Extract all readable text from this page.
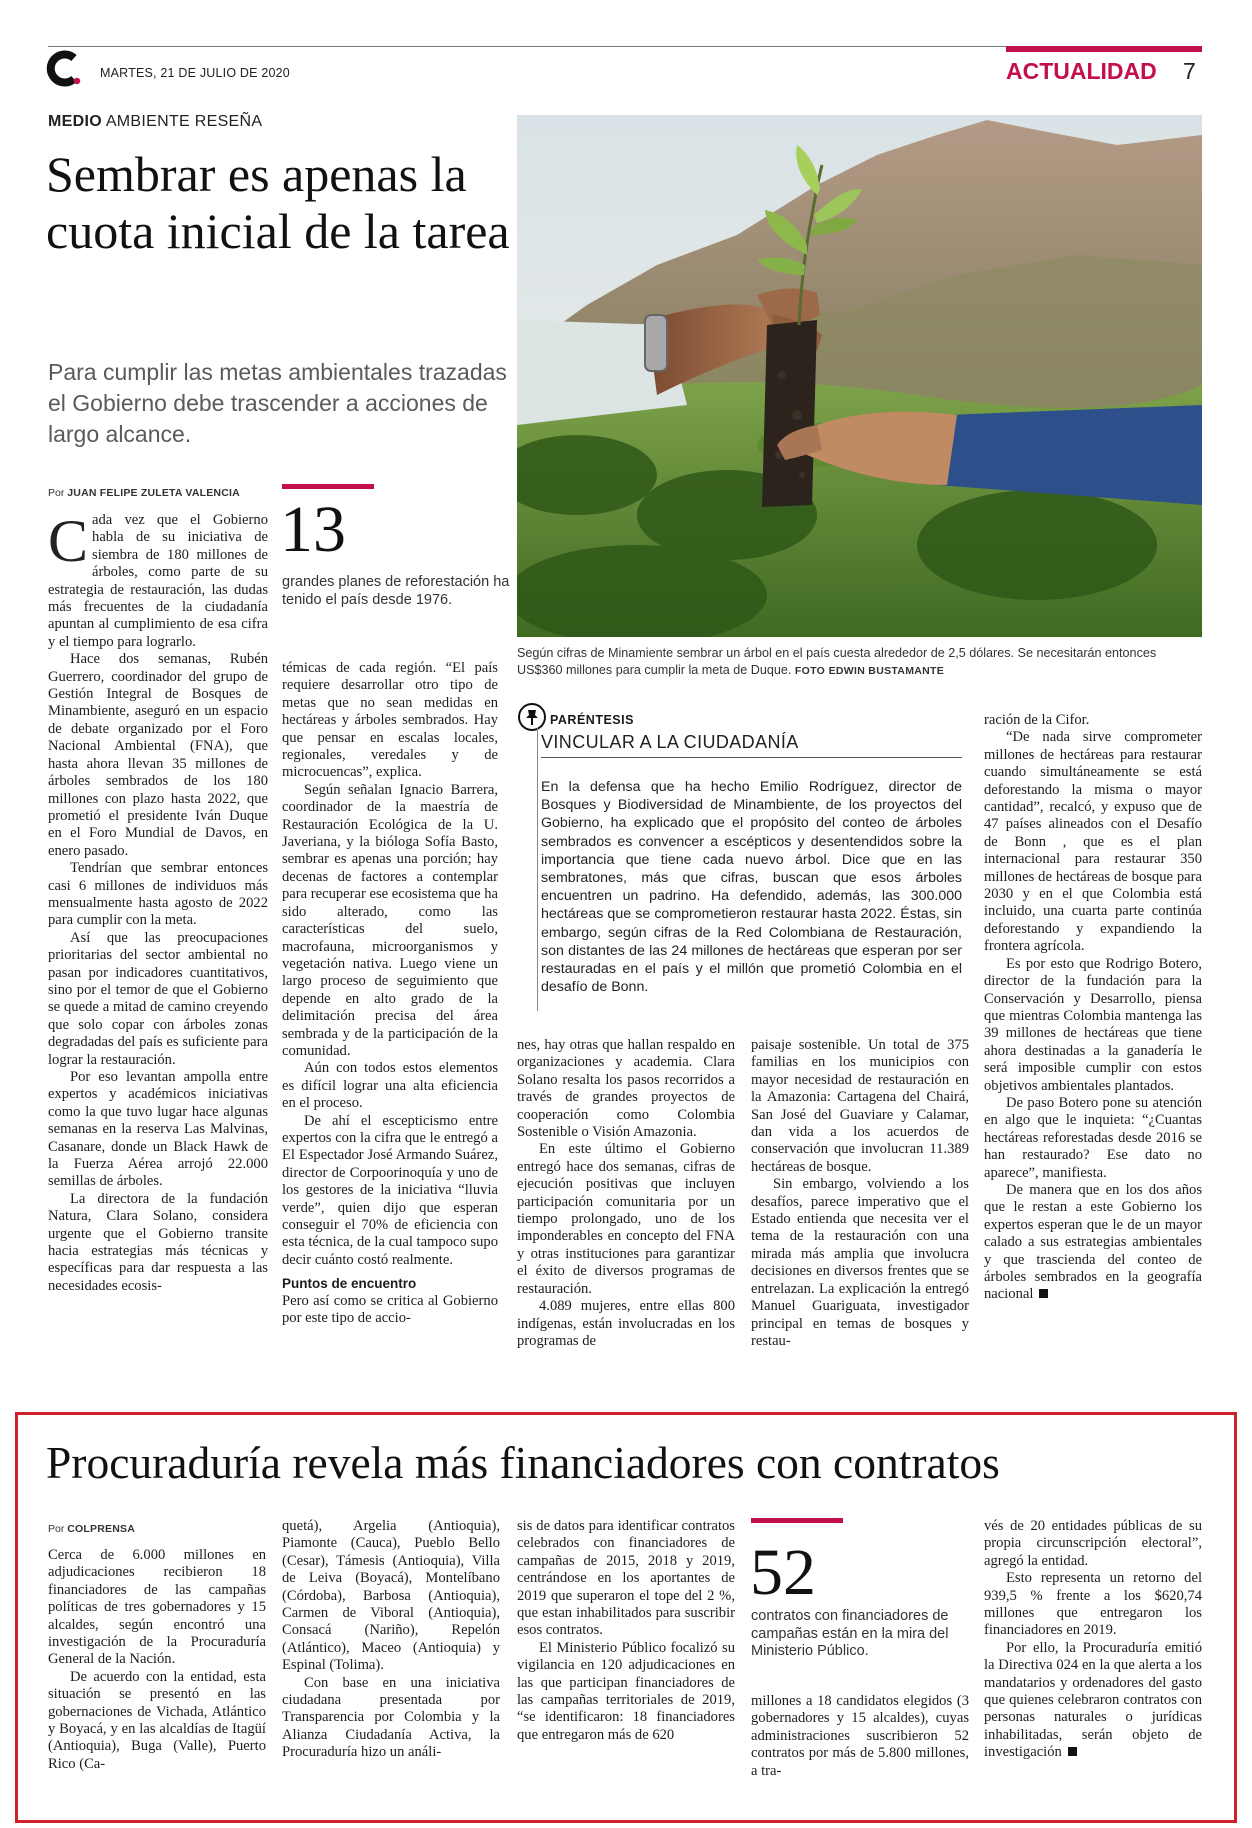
MARTES, 21 DE JULIO DE 2020	ACTUALIDAD 7
MEDIO AMBIENTE RESEÑA
Sembrar es apenas la cuota inicial de la tarea
Para cumplir las metas ambientales trazadas el Gobierno debe trascender a acciones de largo alcance.
Según cifras de Minamiente sembrar un árbol en el país cuesta alrededor de 2,5 dólares. Se necesitarán entonces US$360 millones para cumplir la meta de Duque. FOTO EDWIN BUSTAMANTE
Por JUAN FELIPE ZULETA VALENCIA 13
grandes planes de reforestación ha tenido el país desde 1976.

Cada vez que el Gobierno habla de su iniciativa de siembra de 180 millones de árboles, como parte de su estrategia de restauración, las dudas más frecuentes de la ciudadanía apuntan al cumplimiento de esa cifra y el tiempo para lograrlo.

Hace dos semanas, Rubén Guerrero, coordinador del grupo de Gestión Integral de Bosques de Minambiente, aseguró en un espacio de debate organizado por el Foro Nacional Ambiental (FNA), que hasta ahora llevan 35 millones de árboles sembrados de los 180 millones con plazo hasta 2022, que prometió el presidente Iván Duque en el Foro Mundial de Davos, en enero pasado.

Tendrían que sembrar entonces casi 6 millones de individuos más mensualmente hasta agosto de 2022 para cumplir con la meta.

Así que las preocupaciones prioritarias del sector ambiental no pasan por indicadores cuantitativos, sino por el temor de que el Gobierno se quede a mitad de camino creyendo que solo copar con árboles zonas degradadas del país es suficiente para lograr la restauración.

Por eso levantan ampolla entre expertos y académicos iniciativas como la que tuvo lugar hace algunas semanas en la reserva Las Malvinas, Casanare, donde un Black Hawk de la Fuerza Aérea arrojó 22.000 semillas de árboles.

La directora de la fundación Natura, Clara Solano, considera urgente que el Gobierno transite hacia estrategias más técnicas y específicas para dar respuesta a las necesidades ecosis-

témicas de cada región. “El país requiere desarrollar otro tipo de metas que no sean medidas en hectáreas y árboles sembrados. Hay que pensar en escalas locales, regionales, veredales y de microcuencas”, explica.

Según señalan Ignacio Barrera, coordinador de la maestría de Restauración Ecológica de la U. Javeriana, y la bióloga Sofía Basto, sembrar es apenas una porción; hay decenas de factores a contemplar para recuperar ese ecosistema que ha sido alterado, como las características del suelo, macrofauna, microorganismos y vegetación nativa. Luego viene un largo proceso de seguimiento que depende en alto grado de la delimitación precisa del área sembrada y de la participación de la comunidad.

Aún con todos estos elementos es difícil lograr una alta eficiencia en el proceso.

De ahí el escepticismo entre expertos con la cifra que le entregó a El Espectador José Armando Suárez, director de Corpoorinoquía y uno de los gestores de la iniciativa “lluvia verde”, quien dijo que esperan conseguir el 70% de eficiencia con esta técnica, de la cual tampoco supo decir cuánto costó realmente.

Puntos de encuentro

Pero así como se critica al Gobierno por este tipo de accio-

PARÉNTESIS
VINCULAR A LA CIUDADANÍA
En la defensa que ha hecho Emilio Rodríguez, director de Bosques y Biodiversidad de Minambiente, de los proyectos del Gobierno, ha explicado que el propósito del conteo de árboles sembrados es convencer a escépticos y desentendidos sobre la importancia que tiene cada nuevo árbol. Dice que en las sembratones, más que cifras, buscan que esos árboles encuentren un padrino. Ha defendido, además, las 300.000 hectáreas que se comprometieron restaurar hasta 2022. Éstas, sin embargo, según cifras de la Red Colombiana de Restauración, son distantes de las 24 millones de hectáreas que esperan por ser restauradas en el país y el millón que prometió Colombia en el desafío de Bonn.

nes, hay otras que hallan respaldo en organizaciones y academia. Clara Solano resalta los pasos recorridos a través de grandes proyectos de cooperación como Colombia Sostenible o Visión Amazonia.

En este último el Gobierno entregó hace dos semanas, cifras de ejecución positivas que incluyen participación comunitaria por un tiempo prolongado, uno de los imponderables en concepto del FNA y otras instituciones para garantizar el éxito de diversos programas de restauración.

4.089 mujeres, entre ellas 800 indígenas, están involucradas en los programas de

paisaje sostenible. Un total de 375 familias en los municipios con mayor necesidad de restauración en la Amazonia: Cartagena del Chairá, San José del Guaviare y Calamar, dan vida a los acuerdos de conservación que involucran 11.389 hectáreas de bosque.

Sin embargo, volviendo a los desafíos, parece imperativo que el Estado entienda que necesita ver el tema de la restauración con una mirada más amplia que involucra decisiones en diversos frentes que se entrelazan. La explicación la entregó Manuel Guariguata, investigador principal en temas de bosques y restau-

ración de la Cifor.

“De nada sirve comprometer millones de hectáreas para restaurar cuando simultáneamente se está deforestando la misma o mayor cantidad”, recalcó, y expuso que de 47 países alineados con el Desafío de Bonn , que es el plan internacional para restaurar 350 millones de hectáreas de bosque para 2030 y en el que Colombia está incluido, una cuarta parte continúa deforestando y expandiendo la frontera agrícola.

Es por esto que Rodrigo Botero, director de la fundación para la Conservación y Desarrollo, piensa que mientras Colombia mantenga las 39 millones de hectáreas que tiene ahora destinadas a la ganadería le será imposible cumplir con estos objetivos ambientales plantados.

De paso Botero pone su atención en algo que le inquieta: “¿Cuantas hectáreas reforestadas desde 2016 se han restaurado? Ese dato no aparece”, manifiesta.

De manera que en los dos años que le restan a este Gobierno los expertos esperan que le de un mayor calado a sus estrategias ambientales y que trascienda del conteo de árboles sembrados en la geografía nacional

Procuraduría revela más financiadores con contratos
Por COLPRENSA

Cerca de 6.000 millones en adjudicaciones recibieron 18 financiadores de las campañas políticas de tres gobernadores y 15 alcaldes, según encontró una investigación de la Procuraduría General de la Nación.

De acuerdo con la entidad, esta situación se presentó en las gobernaciones de Vichada, Atlántico y Boyacá, y en las alcaldías de Itagüí (Antioquia), Buga (Valle), Puerto Rico (Ca-

quetá), Argelia (Antioquia), Piamonte (Cauca), Pueblo Bello (Cesar), Támesis (Antioquia), Villa de Leiva (Boyacá), Montelíbano (Córdoba), Barbosa (Antioquia), Carmen de Viboral (Antioquia), Consacá (Nariño), Repelón (Atlántico), Maceo (Antioquia) y Espinal (Tolima).

Con base en una iniciativa ciudadana presentada por Transparencia por Colombia y la Alianza Ciudadanía Activa, la Procuraduría hizo un análi-

sis de datos para identificar contratos celebrados con financiadores de campañas de 2015, 2018 y 2019, centrándose en los aportantes de 2019 que superaron el tope del 2 %, que estan inhabilitados para suscribir esos contratos.

El Ministerio Público focalizó su vigilancia en 120 adjudicaciones en las que participan financiadores de las campañas territoriales de 2019, “se identificaron: 18 financiadores que entregaron más de 620

52
contratos con financiadores de campañas están en la mira del Ministerio Público.

millones a 18 candidatos elegidos (3 gobernadores y 15 alcaldes), cuyas administraciones suscribieron 52 contratos por más de 5.800 millones, a tra-

vés de 20 entidades públicas de su propia circunscripción electoral”, agregó la entidad.

Esto representa un retorno del 939,5 % frente a los $620,74 millones que entregaron los financiadores en 2019.

Por ello, la Procuraduría emitió la Directiva 024 en la que alerta a los mandatarios y ordenadores del gasto que quienes celebraron contratos con personas naturales o jurídicas inhabilitadas, serán objeto de investigación
